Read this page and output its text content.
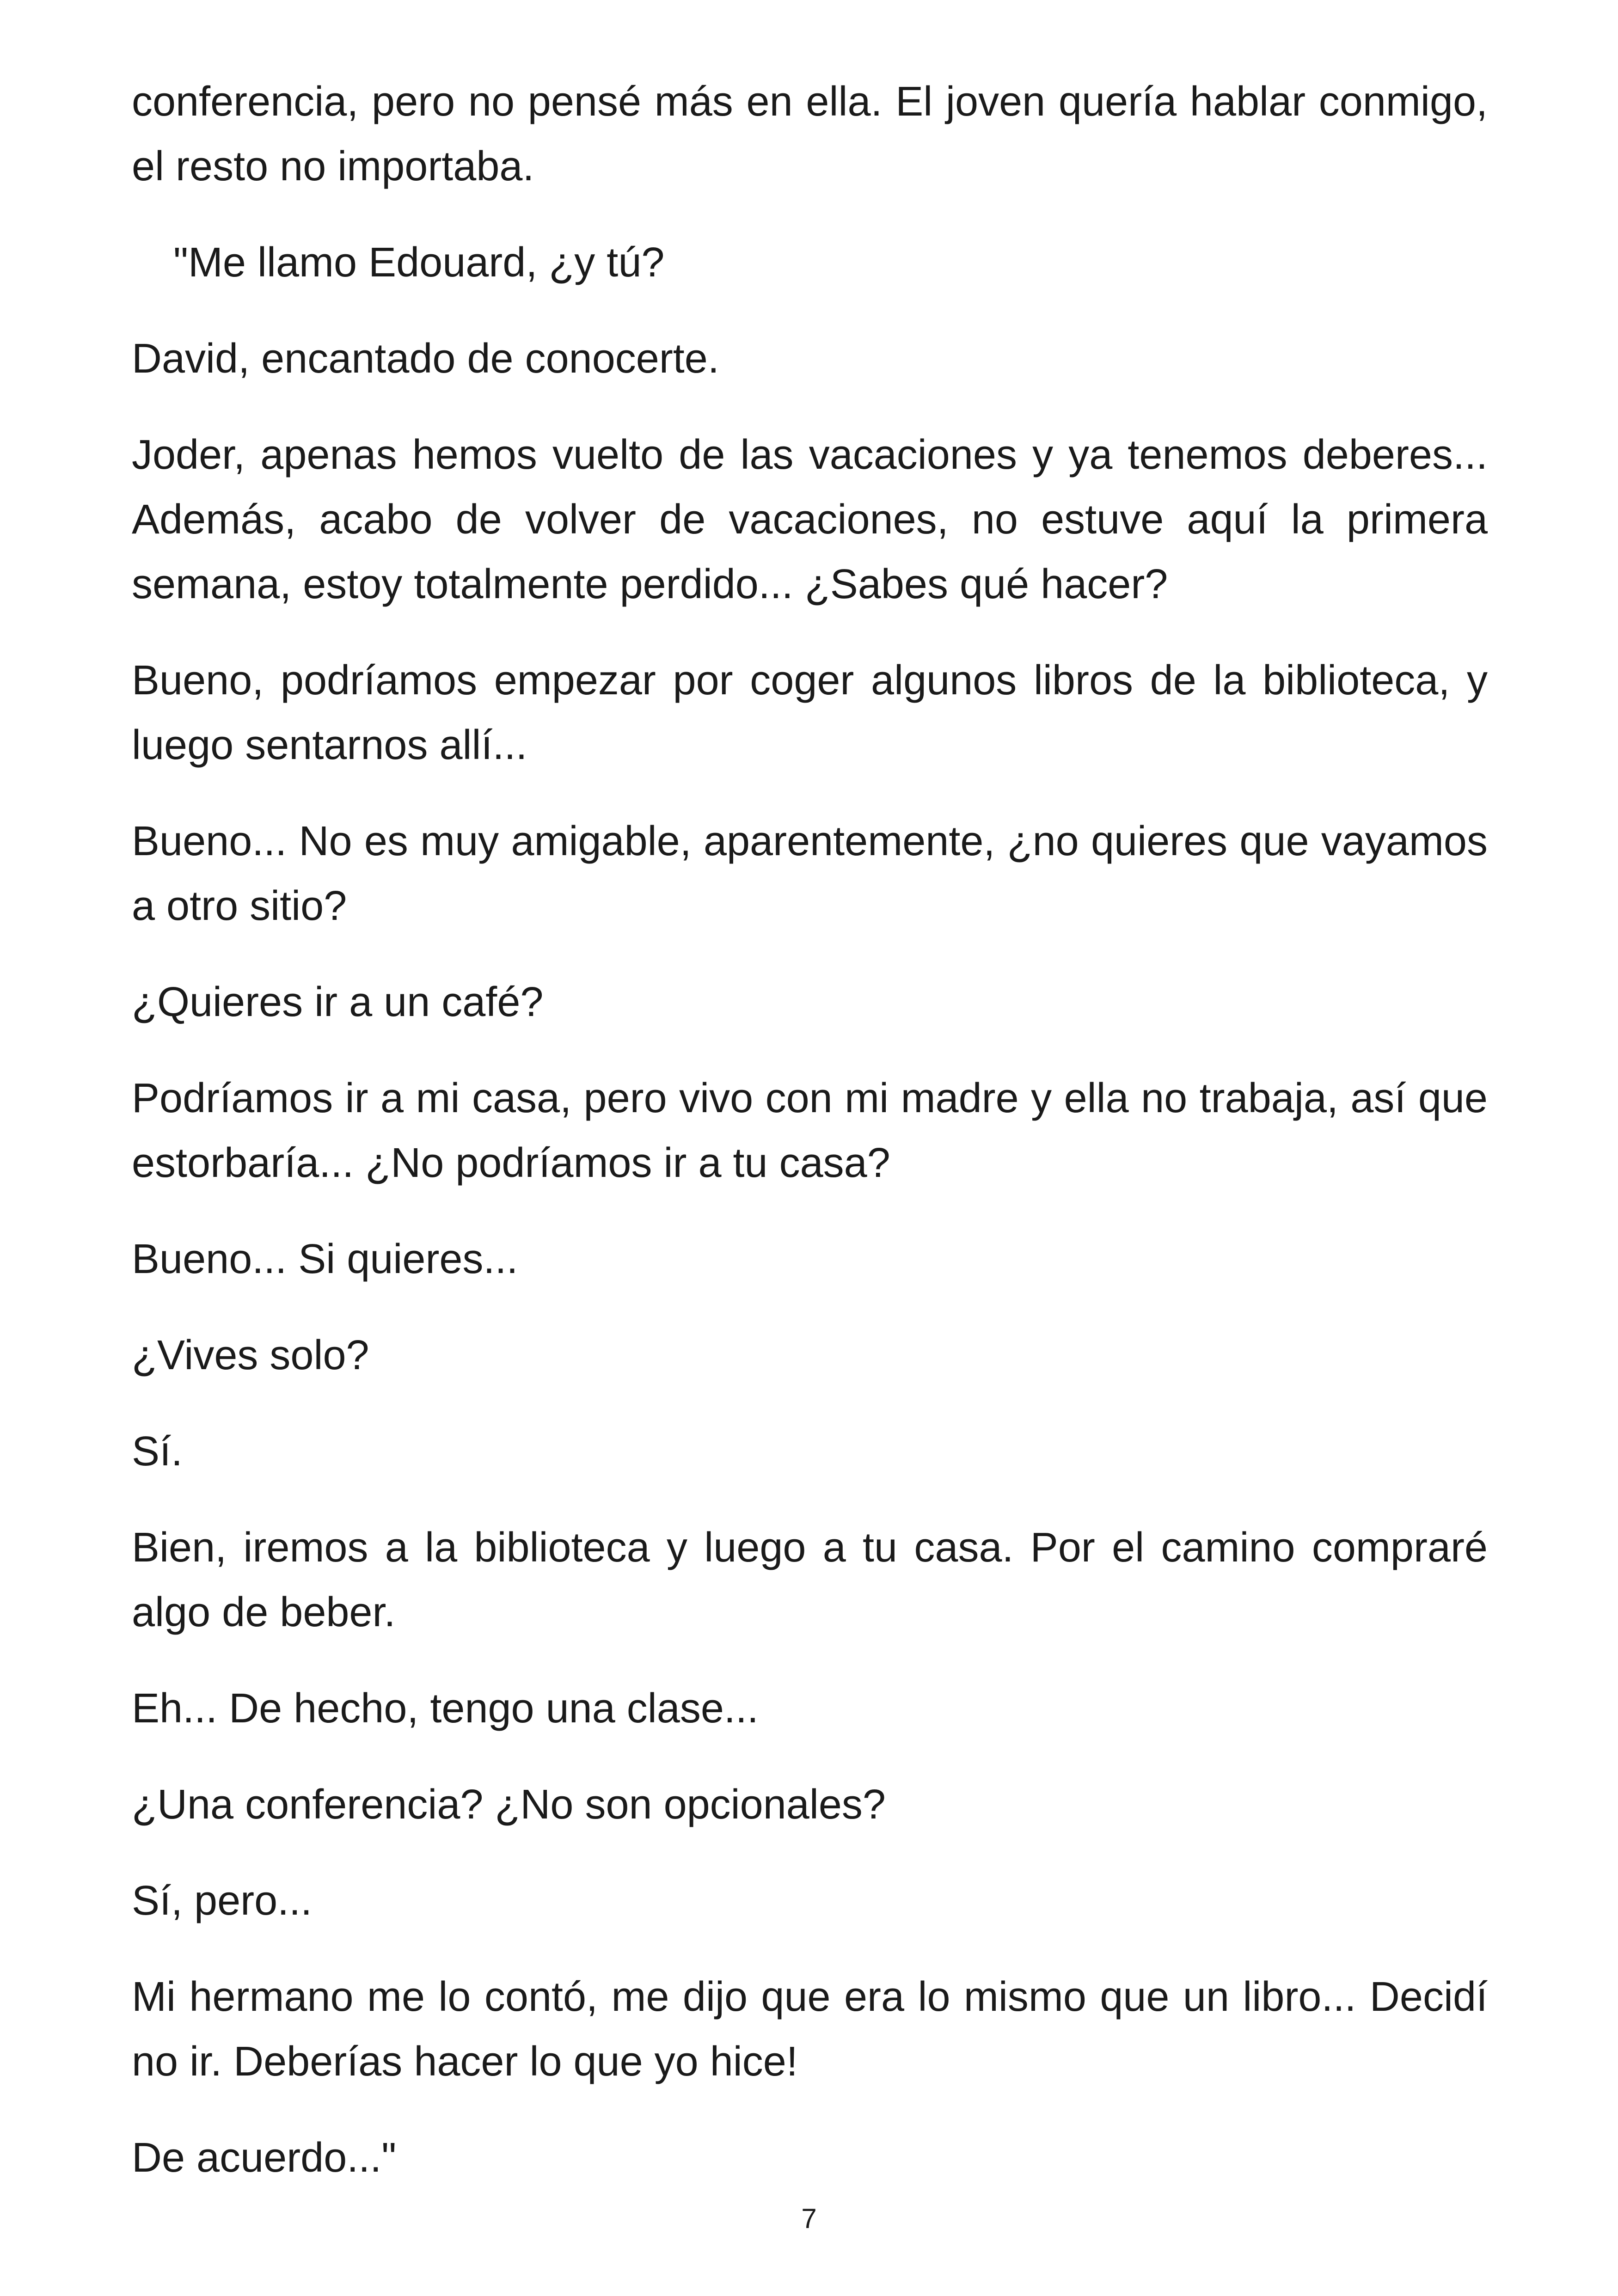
conferencia, pero no pensé más en ella. El joven quería hablar conmigo, el resto no importaba.

"Me llamo Edouard, ¿y tú?

David, encantado de conocerte.

Joder, apenas hemos vuelto de las vacaciones y ya tenemos deberes... Además, acabo de volver de vacaciones, no estuve aquí la primera semana, estoy totalmente perdido... ¿Sabes qué hacer?

Bueno, podríamos empezar por coger algunos libros de la biblioteca, y luego sentarnos allí...

Bueno... No es muy amigable, aparentemente, ¿no quieres que vayamos a otro sitio?

¿Quieres ir a un café?

Podríamos ir a mi casa, pero vivo con mi madre y ella no trabaja, así que estorbaría... ¿No podríamos ir a tu casa?

Bueno... Si quieres...

¿Vives solo?

Sí.

Bien, iremos a la biblioteca y luego a tu casa. Por el camino compraré algo de beber.

Eh... De hecho, tengo una clase...

¿Una conferencia? ¿No son opcionales?

Sí, pero...

Mi hermano me lo contó, me dijo que era lo mismo que un libro... Decidí no ir. Deberías hacer lo que yo hice!

De acuerdo..."

7
